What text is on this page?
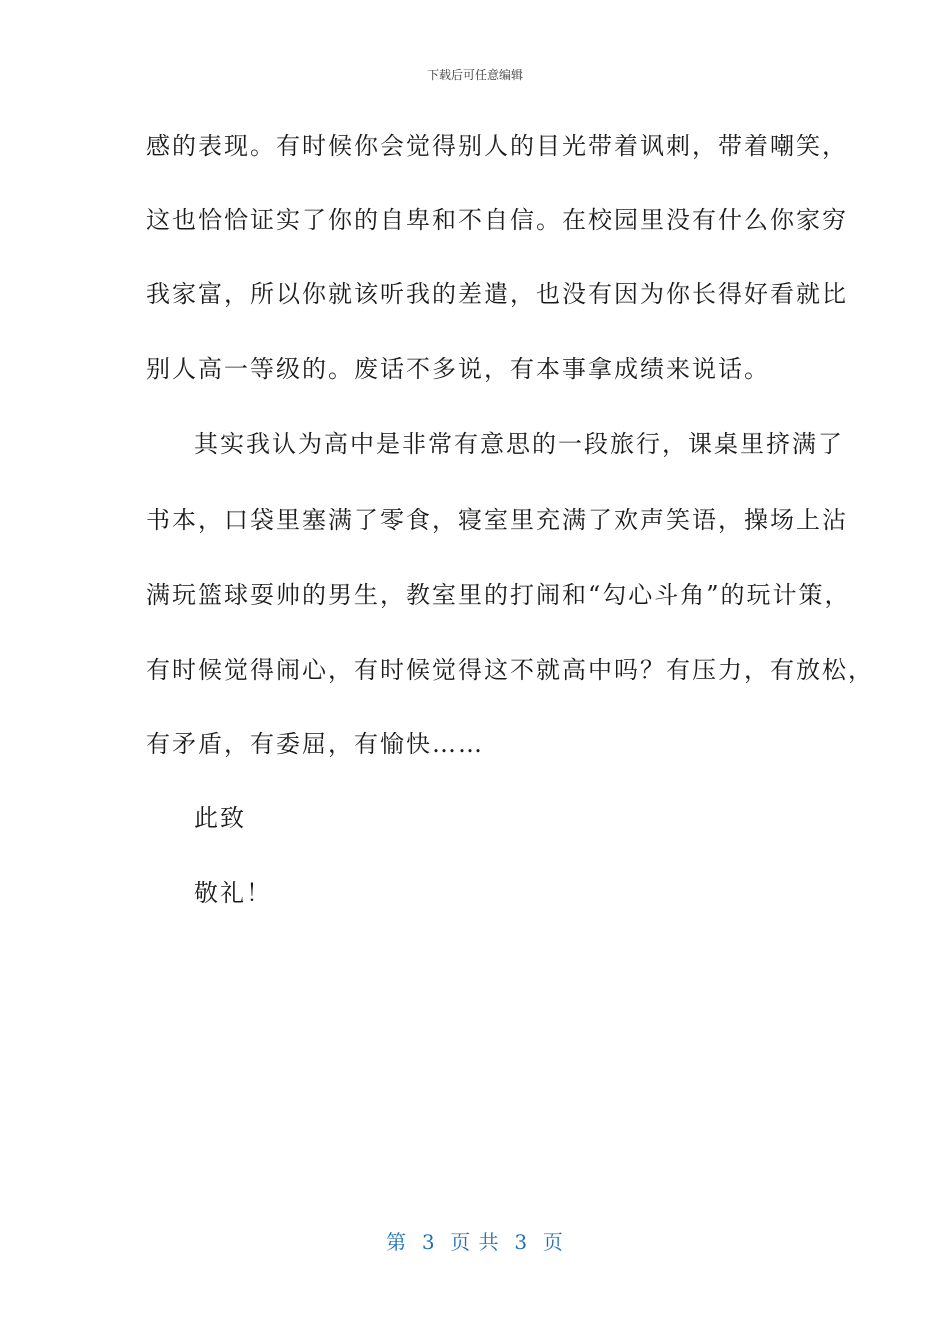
下载后可任意编辑
感的表现。有时候你会觉得别人的目光带着讽刺，带着嘲笑，
这也恰恰证实了你的自卑和不自信。在校园里没有什么你家穷
我家富，所以你就该听我的差遣，也没有因为你长得好看就比
别人高一等级的。废话不多说，有本事拿成绩来说话。
其实我认为高中是非常有意思的一段旅行，课桌里挤满了
书本，口袋里塞满了零食，寝室里充满了欢声笑语，操场上沾
满玩篮球耍帅的男生，教室里的打闹和“勾心斗角”的玩计策，
有时候觉得闹心，有时候觉得这不就高中吗？有压力，有放松，
有矛盾，有委屈，有愉快……
此致
敬礼！
第  3  页 共  3  页
